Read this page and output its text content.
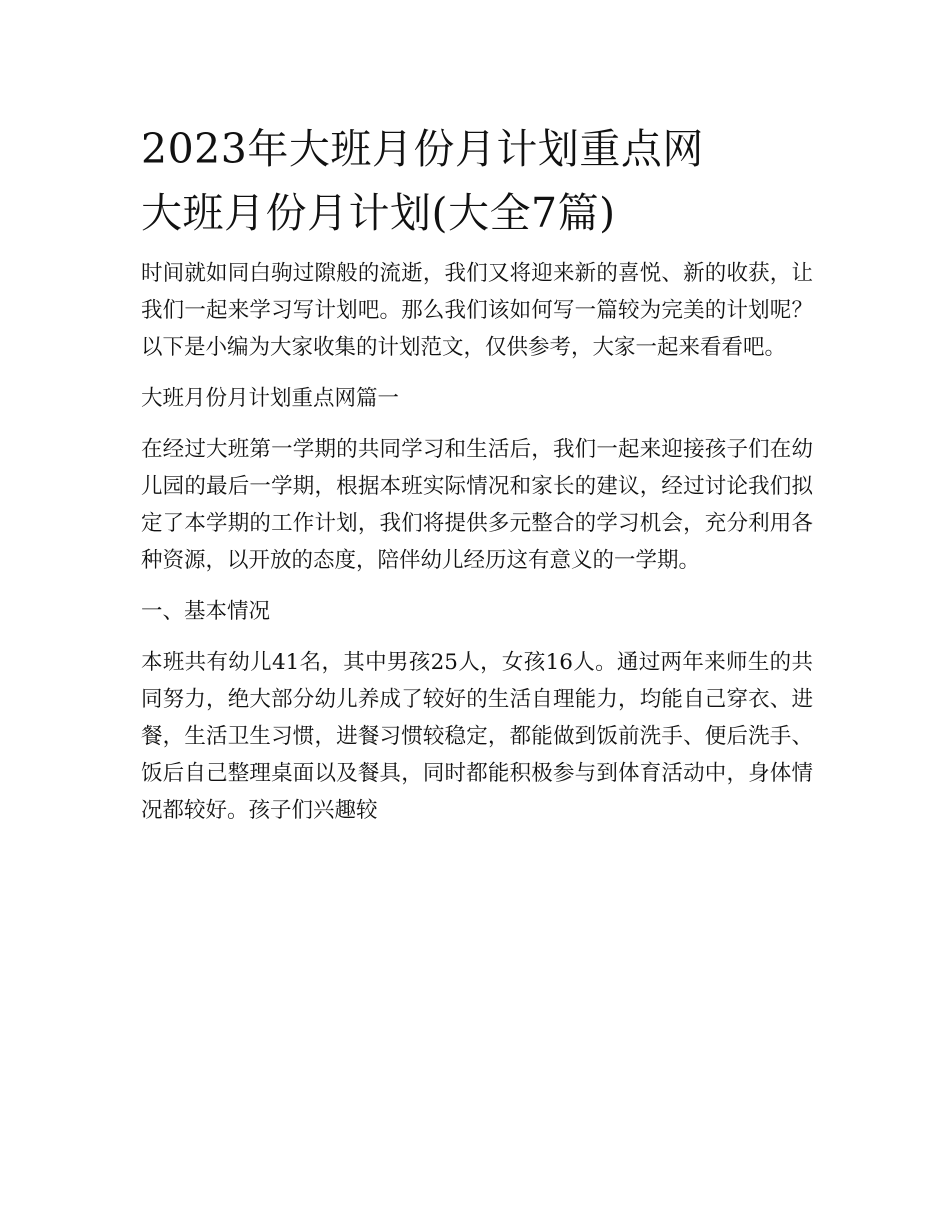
2023年大班月份月计划重点网
大班月份月计划(大全7篇)

时间就如同白驹过隙般的流逝，我们又将迎来新的喜悦、新的收获，让我们一起来学习写计划吧。那么我们该如何写一篇较为完美的计划呢？以下是小编为大家收集的计划范文，仅供参考，大家一起来看看吧。

大班月份月计划重点网篇一

在经过大班第一学期的共同学习和生活后，我们一起来迎接孩子们在幼儿园的最后一学期，根据本班实际情况和家长的建议，经过讨论我们拟定了本学期的工作计划，我们将提供多元整合的学习机会，充分利用各种资源，以开放的态度，陪伴幼儿经历这有意义的一学期。

一、基本情况

本班共有幼儿41名，其中男孩25人，女孩16人。通过两年来师生的共同努力，绝大部分幼儿养成了较好的生活自理能力，均能自己穿衣、进餐，生活卫生习惯，进餐习惯较稳定，都能做到饭前洗手、便后洗手、饭后自己整理桌面以及餐具，同时都能积极参与到体育活动中，身体情况都较好。孩子们兴趣较
